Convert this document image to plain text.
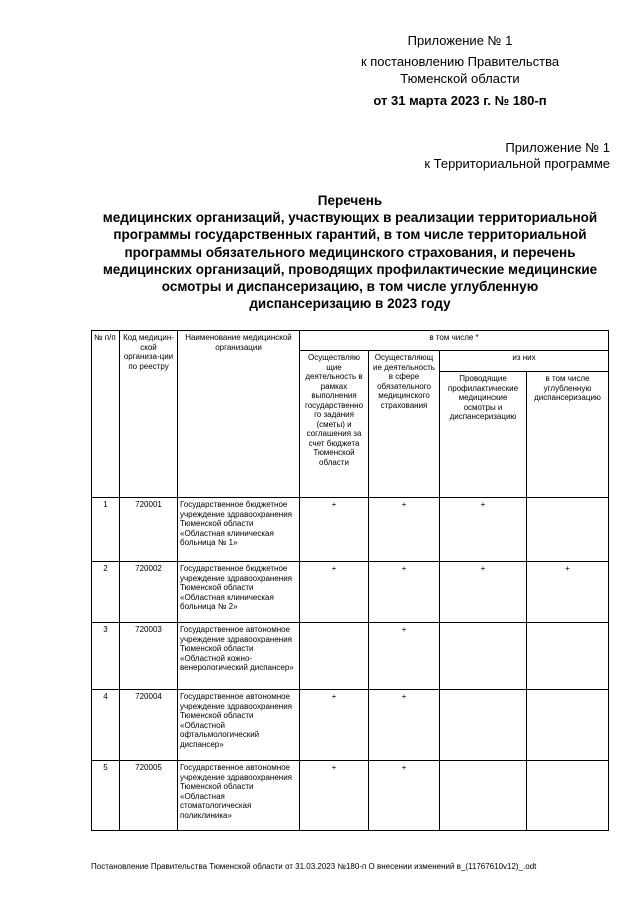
Приложение № 1
к постановлению Правительства
Тюменской области
от 31 марта 2023 г. № 180-п
Приложение № 1
к Территориальной программе
Перечень
медицинских организаций, участвующих в реализации территориальной
программы государственных гарантий, в том числе территориальной
программы обязательного медицинского страхования, и перечень
медицинских организаций, проводящих профилактические медицинские
осмотры и диспансеризацию, в том числе углубленную
диспансеризацию в 2023 году
№ п/п	Код медицин-ской организа-ции по реестру	Наименование медицинской организации	в том числе *			
			Осуществляю щие деятельность в рамках выполнения государственно го задания (сметы) и соглашения за счет бюджета Тюменской области	Осуществляющ ие деятельность в сфере обязательного медицинского страхования	из них	
					Проводящие профилактические медицинские осмотры и диспансеризацию	в том числе углубленную диспансеризацию
1	720001	Государственное бюджетное учреждение здравоохранения Тюменской области «Областная клиническая больница № 1»	+	+	+	
2	720002	Государственное бюджетное учреждение здравоохранения Тюменской области «Областная клиническая больница № 2»	+	+	+	+
3	720003	Государственное автономное учреждение здравоохранения Тюменской области «Областной кожно-венерологический диспансер»		+		
4	720004	Государственное автономное учреждение здравоохранения Тюменской области «Областной офтальмологический диспансер»	+	+		
5	720005	Государственное автономное учреждение здравоохранения Тюменской области «Областная стоматологическая поликлиника»	+	+		
Постановление Правительства Тюменской области от 31.03.2023 №180-п О внесении изменений в_(11767610v12)_.odt
